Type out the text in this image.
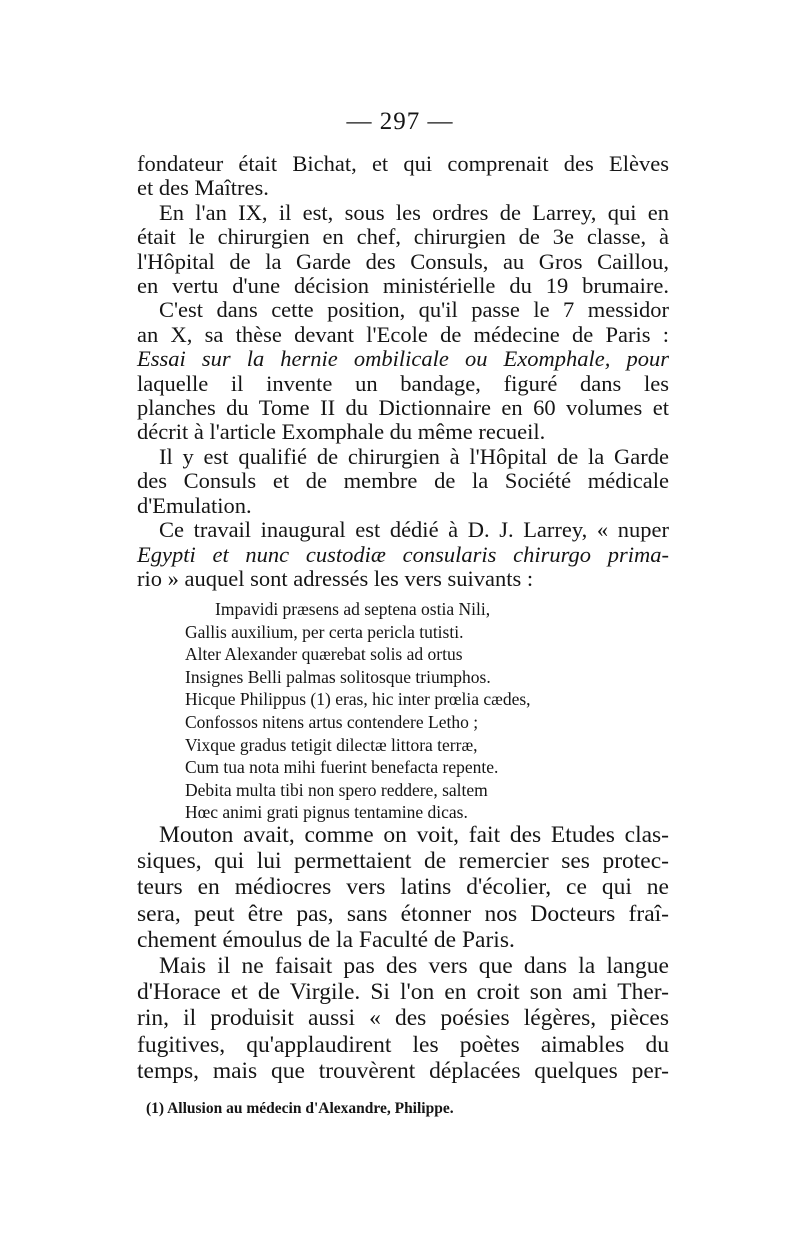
— 297 —

fondateur était Bichat, et qui comprenait des Elèves
et des Maîtres.

En l'an IX, il est, sous les ordres de Larrey, qui en
était le chirurgien en chef, chirurgien de 3e classe, à
l'Hôpital de la Garde des Consuls, au Gros Caillou,
en vertu d'une décision ministérielle du 19 brumaire.

C'est dans cette position, qu'il passe le 7 messidor
an X, sa thèse devant l'Ecole de médecine de Paris :
Essai sur la hernie ombilicale ou Exomphale, pour
laquelle il invente un bandage, figuré dans les
planches du Tome II du Dictionnaire en 60 volumes et
décrit à l'article Exomphale du même recueil.

Il y est qualifié de chirurgien à l'Hôpital de la Garde
des Consuls et de membre de la Société médicale
d'Emulation.

Ce travail inaugural est dédié à D. J. Larrey, « nuper
Egypti et nunc custodiæ consularis chirurgo prima-
rio » auquel sont adressés les vers suivants :

Impavidi præsens ad septena ostia Nili,
Gallis auxilium, per certa pericla tutisti.
Alter Alexander quærebat solis ad ortus
Insignes Belli palmas solitosque triumphos.
Hicque Philippus (1) eras, hic inter prœlia cædes,
Confossos nitens artus contendere Letho ;
Vixque gradus tetigit dilectæ littora terræ,
Cum tua nota mihi fuerint benefacta repente.
Debita multa tibi non spero reddere, saltem
Hœc animi grati pignus tentamine dicas.
Mouton avait, comme on voit, fait des Etudes clas-
siques, qui lui permettaient de remercier ses protec-
teurs en médiocres vers latins d'écolier, ce qui ne
sera, peut être pas, sans étonner nos Docteurs fraî-
chement émoulus de la Faculté de Paris.
Mais il ne faisait pas des vers que dans la langue
d'Horace et de Virgile. Si l'on en croit son ami Ther-
rin, il produisit aussi « des poésies légères, pièces
fugitives, qu'applaudirent les poètes aimables du
temps, mais que trouvèrent déplacées quelques per-
(1) Allusion au médecin d'Alexandre, Philippe.
